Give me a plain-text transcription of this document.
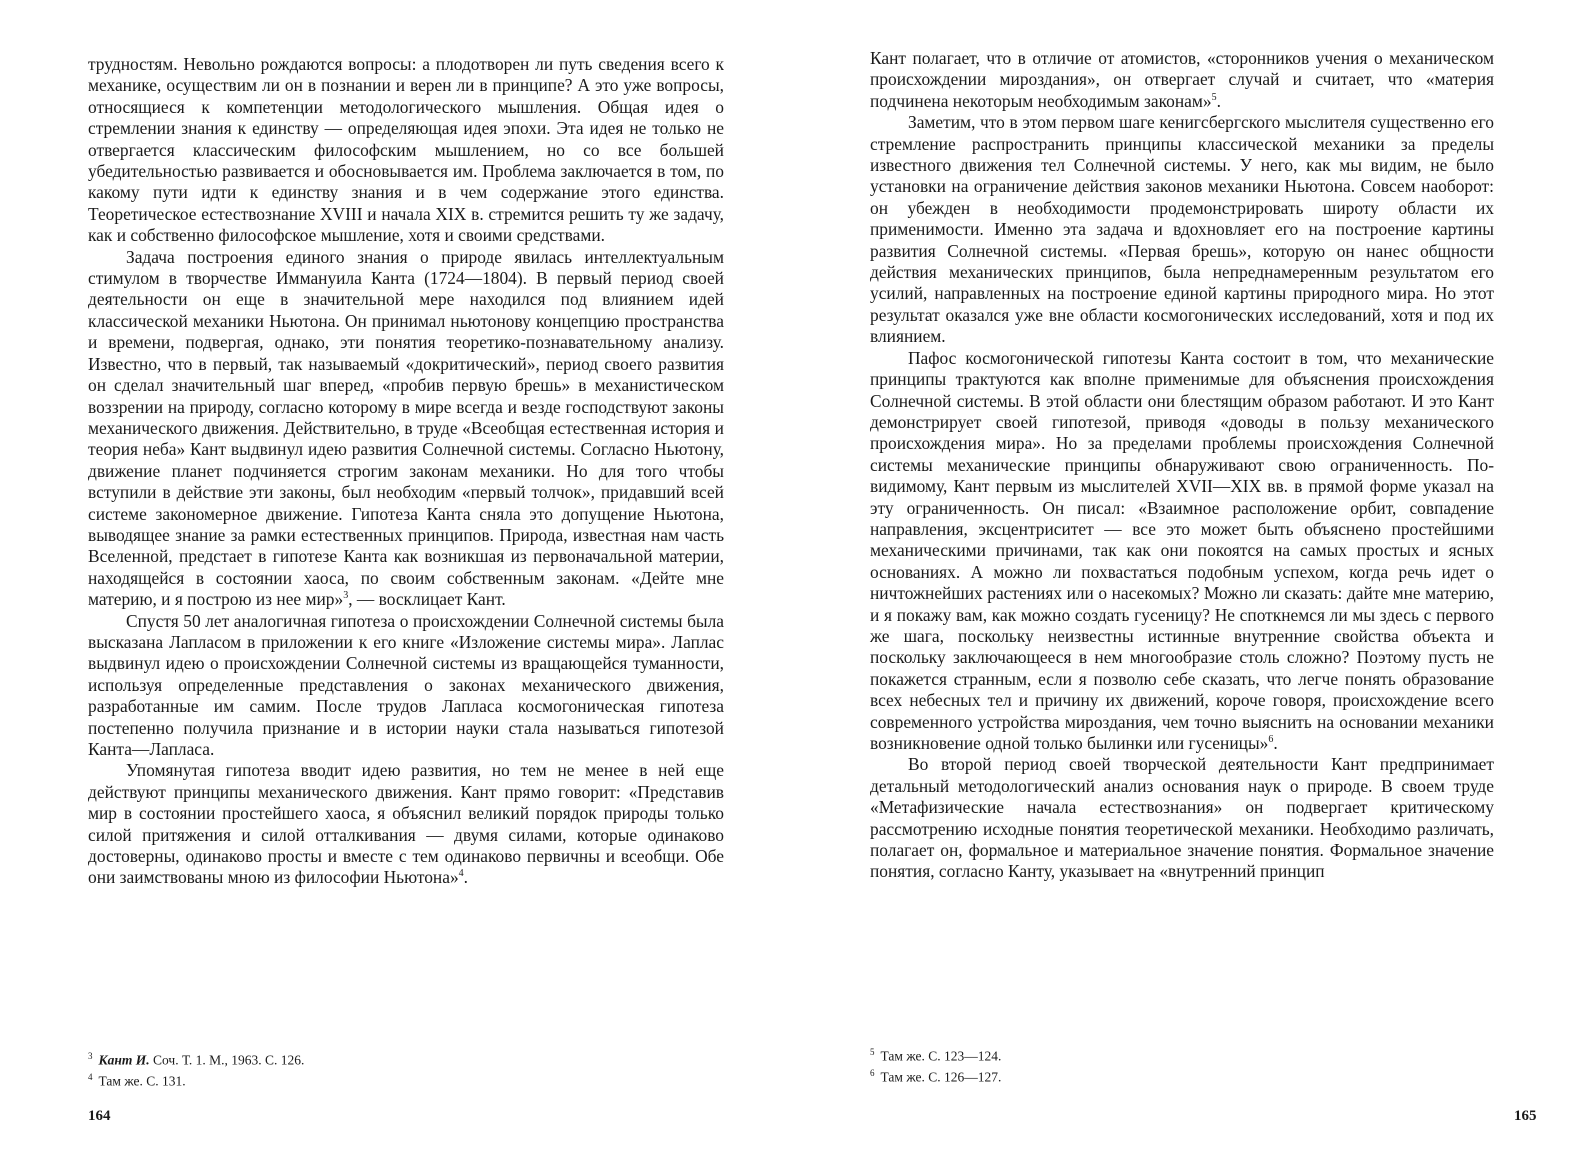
трудностям. Невольно рождаются вопросы: а плодотворен ли путь сведения всего к механике, осуществим ли он в познании и верен ли в принципе? А это уже вопросы, относящиеся к компетенции методологического мышления. Общая идея о стремлении знания к единству — определяющая идея эпохи. Эта идея не только не отвергается классическим философским мышлением, но со все большей убедительностью развивается и обосновывается им. Проблема заключается в том, по какому пути идти к единству знания и в чем содержание этого единства. Теоретическое естествознание XVIII и начала XIX в. стремится решить ту же задачу, как и собственно философское мышление, хотя и своими средствами.

Задача построения единого знания о природе явилась интеллектуальным стимулом в творчестве Иммануила Канта (1724—1804). В первый период своей деятельности он еще в значительной мере находился под влиянием идей классической механики Ньютона. Он принимал ньютонову концепцию пространства и времени, подвергая, однако, эти понятия теоретико-познавательному анализу. Известно, что в первый, так называемый «докритический», период своего развития он сделал значительный шаг вперед, «пробив первую брешь» в механистическом воззрении на природу, согласно которому в мире всегда и везде господствуют законы механического движения. Действительно, в труде «Всеобщая естественная история и теория неба» Кант выдвинул идею развития Солнечной системы. Согласно Ньютону, движение планет подчиняется строгим законам механики. Но для того чтобы вступили в действие эти законы, был необходим «первый толчок», придавший всей системе закономерное движение. Гипотеза Канта сняла это допущение Ньютона, выводящее знание за рамки естественных принципов. Природа, известная нам часть Вселенной, предстает в гипотезе Канта как возникшая из первоначальной материи, находящейся в состоянии хаоса, по своим собственным законам. «Дейте мне материю, и я построю из нее мир»$^3$, — восклицает Кант.

Спустя 50 лет аналогичная гипотеза о происхождении Солнечной системы была высказана Лапласом в приложении к его книге «Изложение системы мира». Лаплас выдвинул идею о происхождении Солнечной системы из вращающейся туманности, используя определенные представления о законах механического движения, разработанные им самим. После трудов Лапласа космогоническая гипотеза постепенно получила признание и в истории науки стала называться гипотезой Канта—Лапласа.

Упомянутая гипотеза вводит идею развития, но тем не менее в ней еще действуют принципы механического движения. Кант прямо говорит: «Представив мир в состоянии простейшего хаоса, я объяснил великий порядок природы только силой притяжения и силой отталкивания — двумя силами, которые одинаково достоверны, одинаково просты и вместе с тем одинаково первичны и всеобщи. Обе они заимствованы мною из философии Ньютона»$^4$.

$^3$ Кант И. Соч. Т. 1. М., 1963. С. 126.

$^4$ Там же. С. 131.

164

Кант полагает, что в отличие от атомистов, «сторонников учения о механическом происхождении мироздания», он отвергает случай и считает, что «материя подчинена некоторым необходимым законам»$^5$.

Заметим, что в этом первом шаге кенигсбергского мыслителя существенно его стремление распространить принципы классической механики за пределы известного движения тел Солнечной системы. У него, как мы видим, не было установки на ограничение действия законов механики Ньютона. Совсем наоборот: он убежден в необходимости продемонстрировать широту области их применимости. Именно эта задача и вдохновляет его на построение картины развития Солнечной системы. «Первая брешь», которую он нанес общности действия механических принципов, была непреднамеренным результатом его усилий, направленных на построение единой картины природного мира. Но этот результат оказался уже вне области космогонических исследований, хотя и под их влиянием.

Пафос космогонической гипотезы Канта состоит в том, что механические принципы трактуются как вполне применимые для объяснения происхождения Солнечной системы. В этой области они блестящим образом работают. И это Кант демонстрирует своей гипотезой, приводя «доводы в пользу механического происхождения мира». Но за пределами проблемы происхождения Солнечной системы механические принципы обнаруживают свою ограниченность. По-видимому, Кант первым из мыслителей XVII—XIX вв. в прямой форме указал на эту ограниченность. Он писал: «Взаимное расположение орбит, совпадение направления, эксцентриситет — все это может быть объяснено простейшими механическими причинами, так как они покоятся на самых простых и ясных основаниях. А можно ли похвастаться подобным успехом, когда речь идет о ничтожнейших растениях или о насекомых? Можно ли сказать: дайте мне материю, и я покажу вам, как можно создать гусеницу? Не споткнемся ли мы здесь с первого же шага, поскольку неизвестны истинные внутренние свойства объекта и поскольку заключающееся в нем многообразие столь сложно? Поэтому пусть не покажется странным, если я позволю себе сказать, что легче понять образование всех небесных тел и причину их движений, короче говоря, происхождение всего современного устройства мироздания, чем точно выяснить на основании механики возникновение одной только былинки или гусеницы»$^6$.

Во второй период своей творческой деятельности Кант предпринимает детальный методологический анализ основания наук о природе. В своем труде «Метафизические начала естествознания» он подвергает критическому рассмотрению исходные понятия теоретической механики. Необходимо различать, полагает он, формальное и материальное значение понятия. Формальное значение понятия, согласно Канту, указывает на «внутренний принцип

$^5$ Там же. С. 123—124.

$^6$ Там же. С. 126—127.

165
